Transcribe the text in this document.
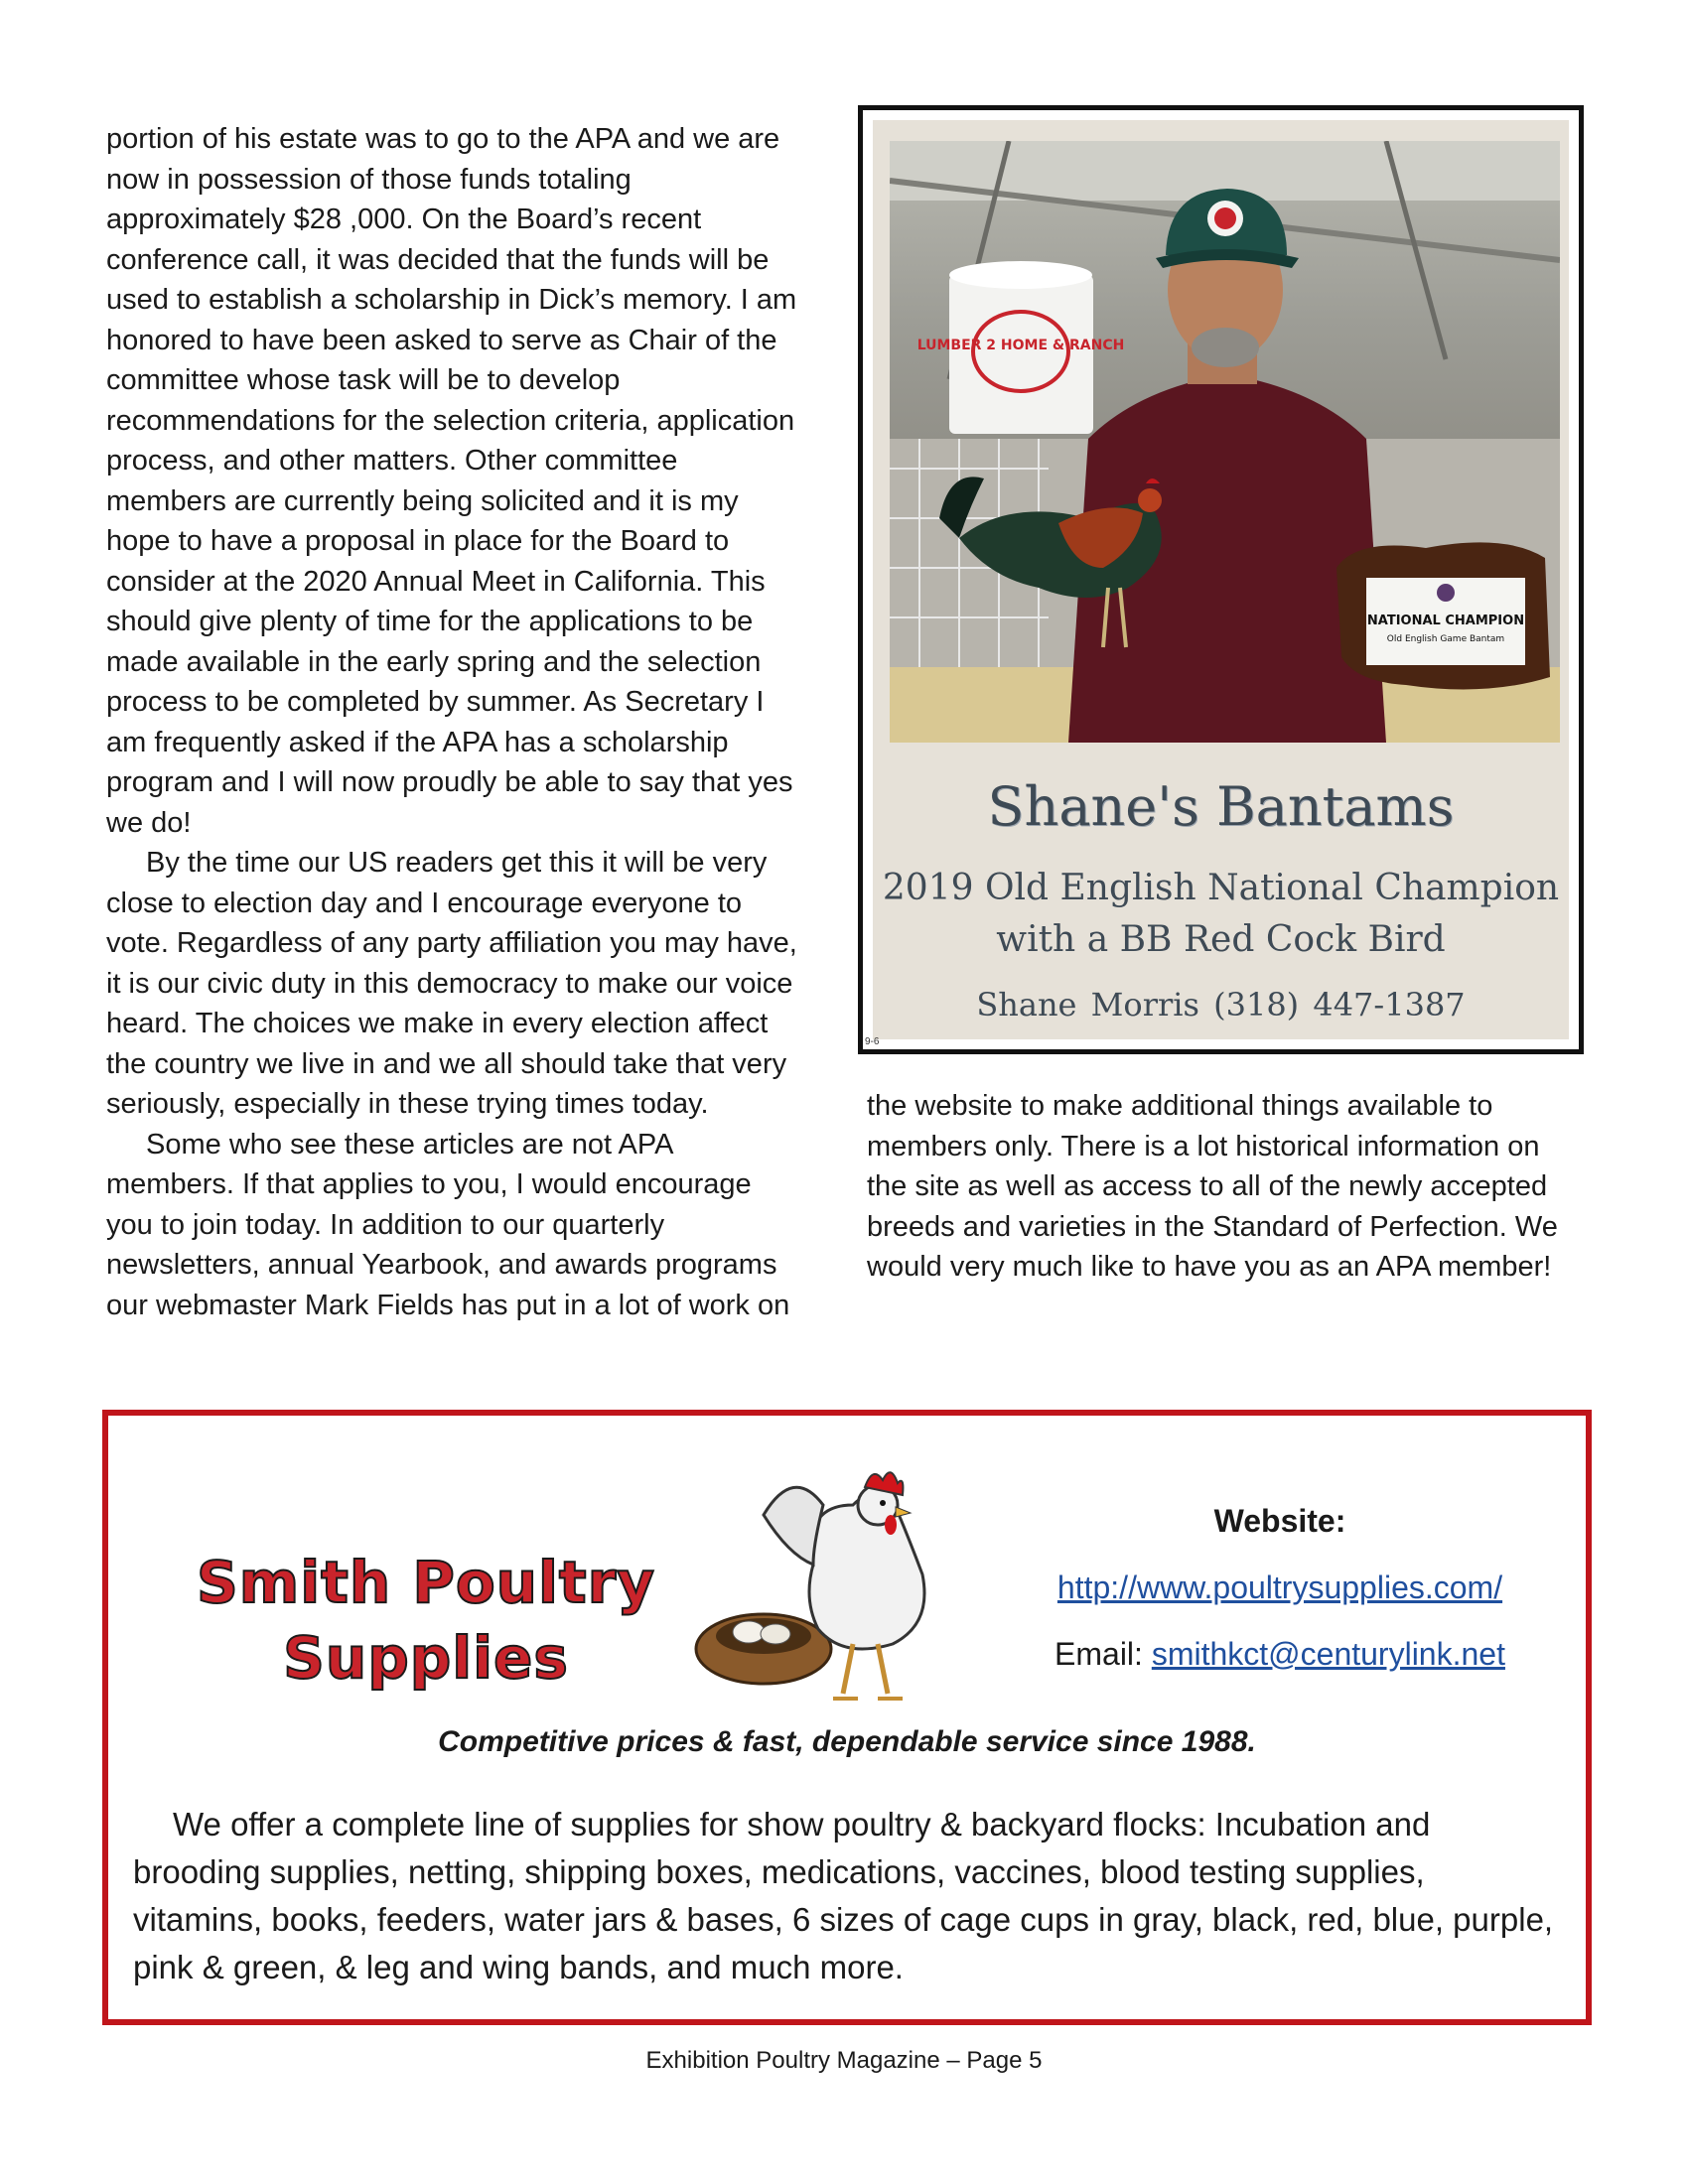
portion of his estate was to go to the APA and we are now in possession of those funds totaling approximately $28 ,000. On the Board’s recent conference call, it was decided that the funds will be used to establish a scholarship in Dick’s memory. I am honored to have been asked to serve as Chair of the committee whose task will be to develop recommendations for the selection criteria, application process, and other matters. Other committee members are currently being solicited and it is my hope to have a proposal in place for the Board to consider at the 2020 Annual Meet in California. This should give plenty of time for the applications to be made available in the early spring and the selection process to be completed by summer. As Secretary I am frequently asked if the APA has a scholarship program and I will now proudly be able to say that yes we do!

By the time our US readers get this it will be very close to election day and I encourage everyone to vote. Regardless of any party affiliation you may have, it is our civic duty in this democracy to make our voice heard. The choices we make in every election affect the country we live in and we all should take that very seriously, especially in these trying times today.

Some who see these articles are not APA members. If that applies to you, I would encourage you to join today. In addition to our quarterly newsletters, annual Yearbook, and awards programs our webmaster Mark Fields has put in a lot of work on

LUMBER 2 HOME & RANCH
NATIONAL CHAMPION
Old English Game Bantam
Shane's Bantams
2019 Old English National Champion
with a BB Red Cock Bird
Shane Morris (318) 447-1387
9-6

the website to make additional things available to members only. There is a lot historical information on the site as well as access to all of the newly accepted breeds and varieties in the Standard of Perfection. We would very much like to have you as an APA member!

Smith Poultry
Supplies
Website:
http://www.poultrysupplies.com/
Email: smithkct@centurylink.net
Competitive prices & fast, dependable service since 1988.

We offer a complete line of supplies for show poultry & backyard flocks: Incubation and brooding supplies, netting, shipping boxes, medications, vaccines, blood testing supplies, vitamins, books, feeders, water jars & bases, 6 sizes of cage cups in gray, black, red, blue, purple, pink & green, & leg and wing bands, and much more.

Exhibition Poultry Magazine – Page 5
